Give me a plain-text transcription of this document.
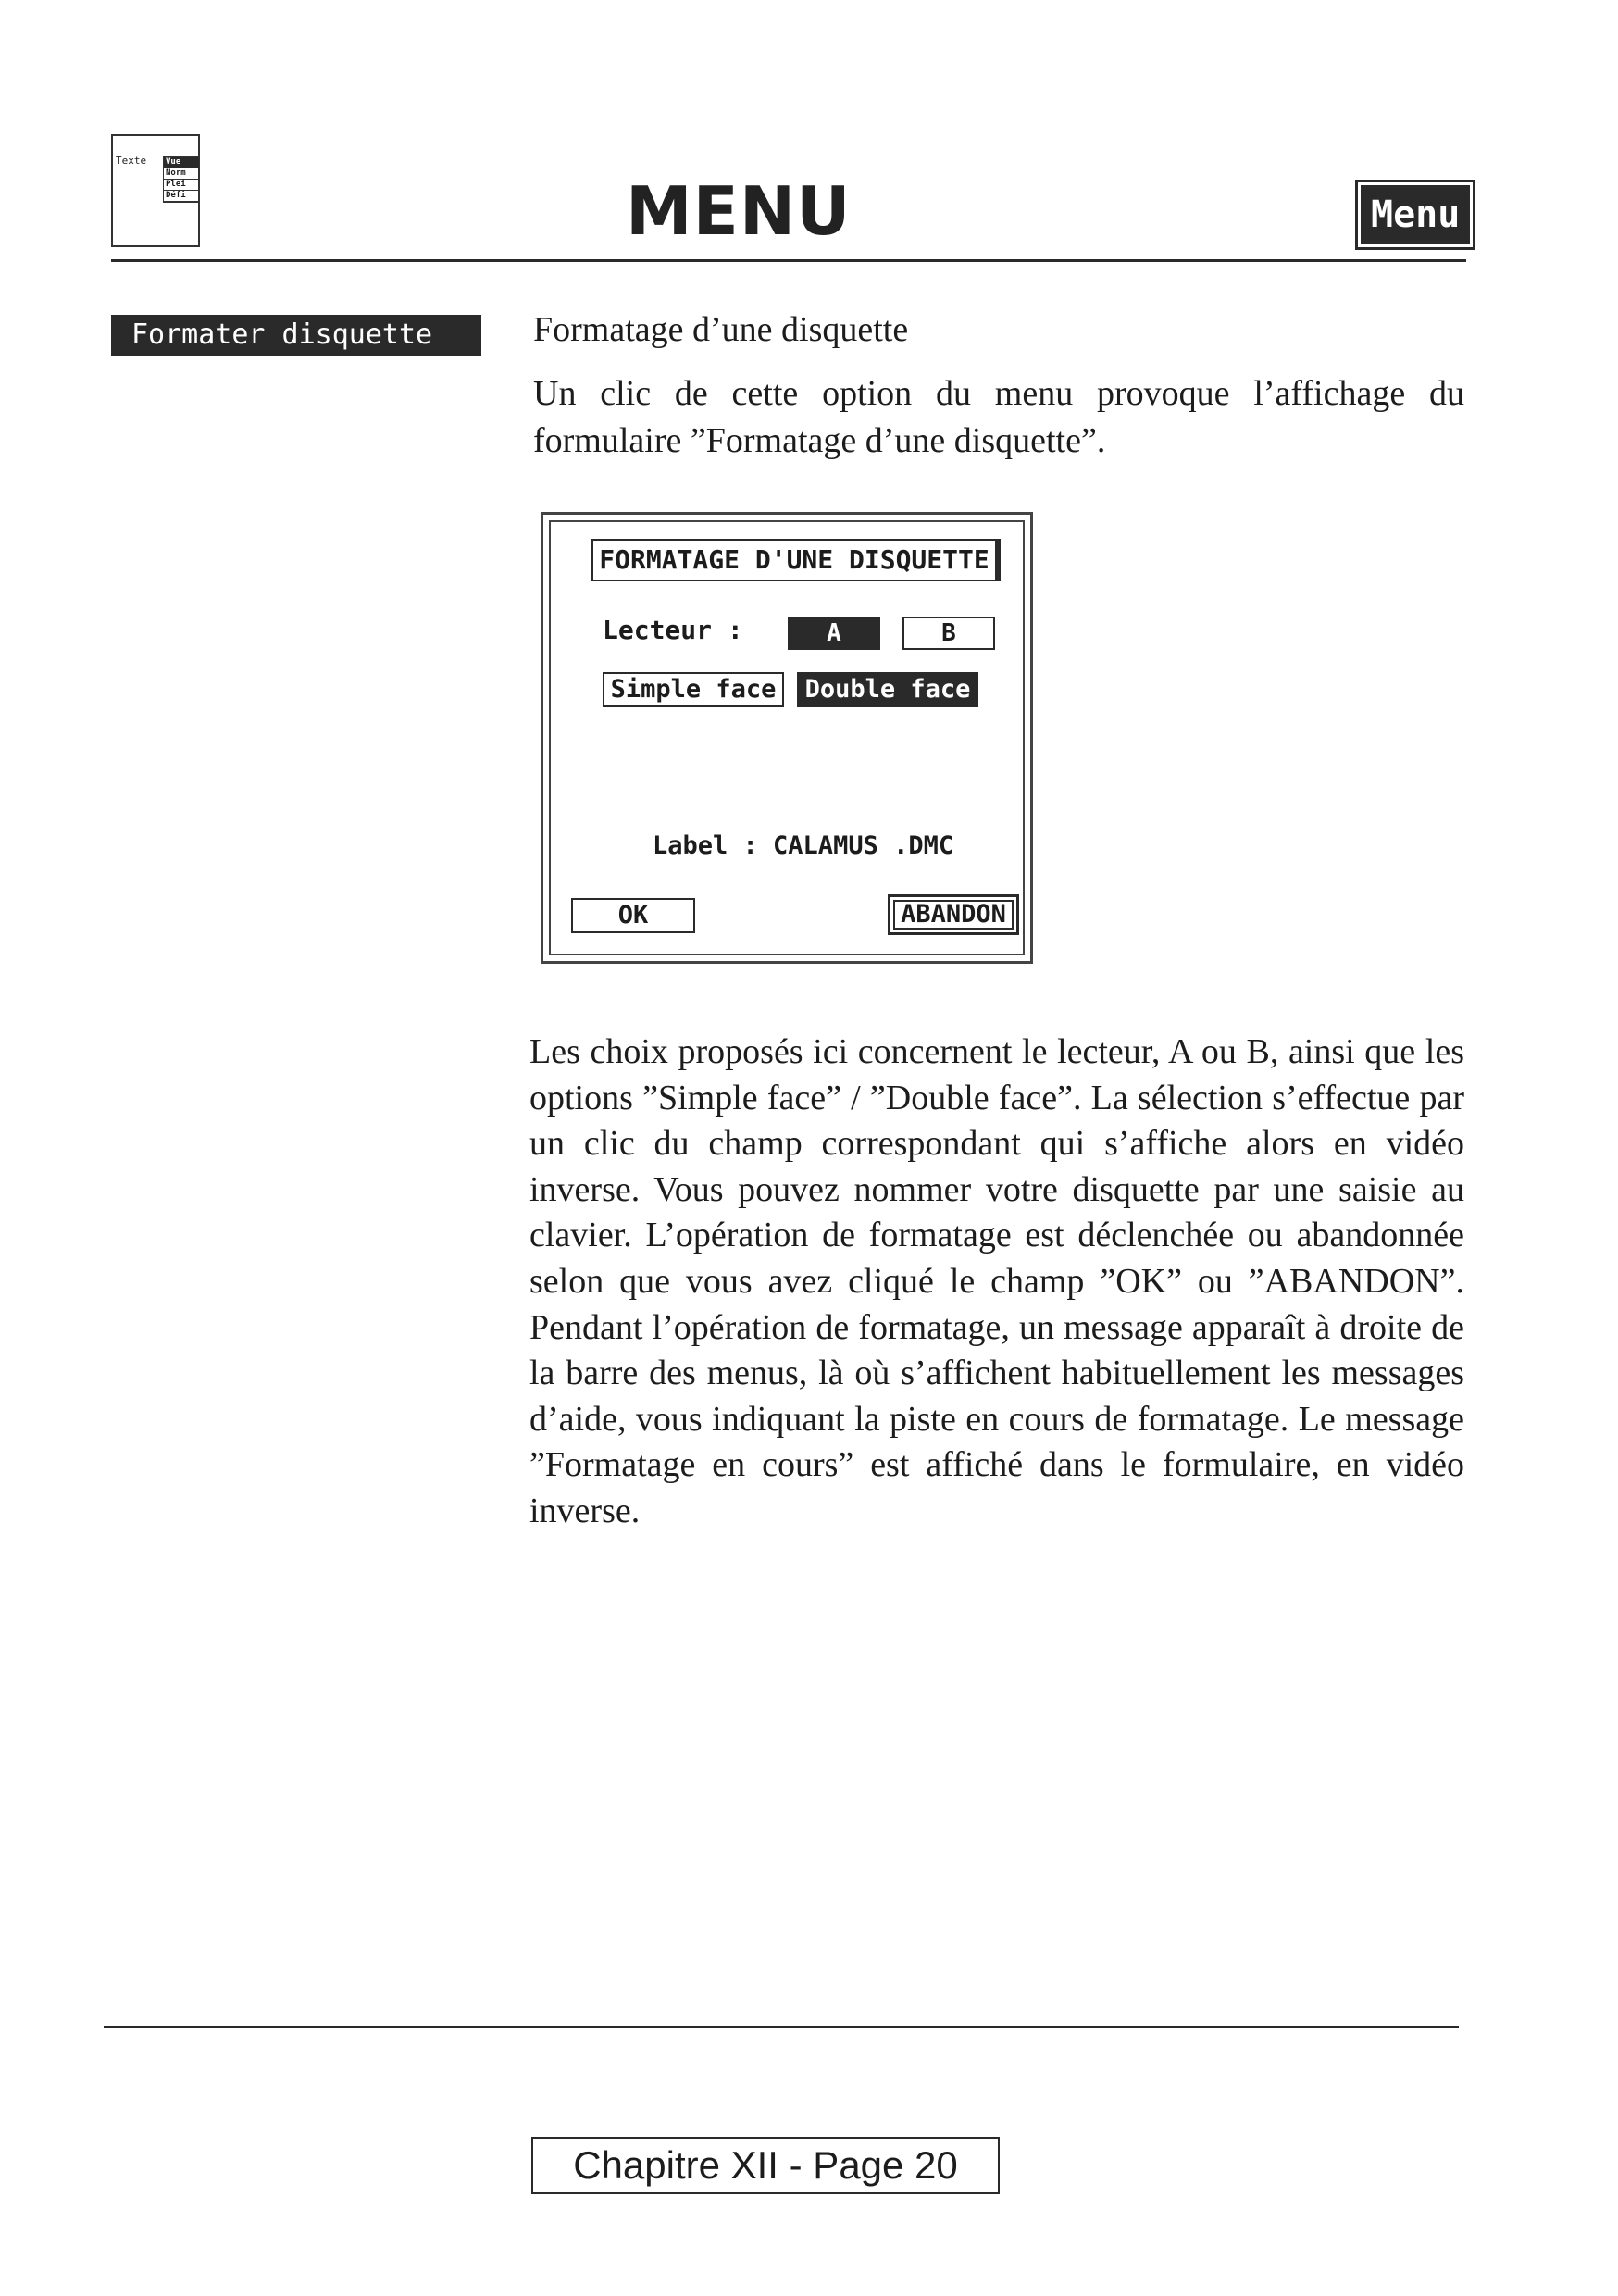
Texte Vue
Norm
Plei
Défi	MENU	Menu
Formater disquette	Formatage d’une disquette
Un clic de cette option du menu provoque l’affichage du formulaire ”Formatage d’une disquette”.
FORMATAGE D'UNE DISQUETTE
Lecteur :	A	B
Simple face	Double face
Label : CALAMUS .DMC
OK	ABANDON
Les choix proposés ici concernent le lecteur, A ou B, ainsi que les options ”Simple face” / ”Double face”. La sélection s’effectue par un clic du champ correspondant qui s’affiche alors en vidéo inverse. Vous pouvez nommer votre disquette par une saisie au clavier. L’opération de formatage est déclenchée ou abandonnée selon que vous avez cliqué le champ ”OK” ou ”ABANDON”. Pendant l’opération de formatage, un message apparaît à droite de la barre des menus, là où s’affichent habituellement les messages d’aide, vous indiquant la piste en cours de formatage. Le message ”Formatage en cours” est affiché dans le formulaire, en vidéo inverse.
Chapitre XII - Page 20
